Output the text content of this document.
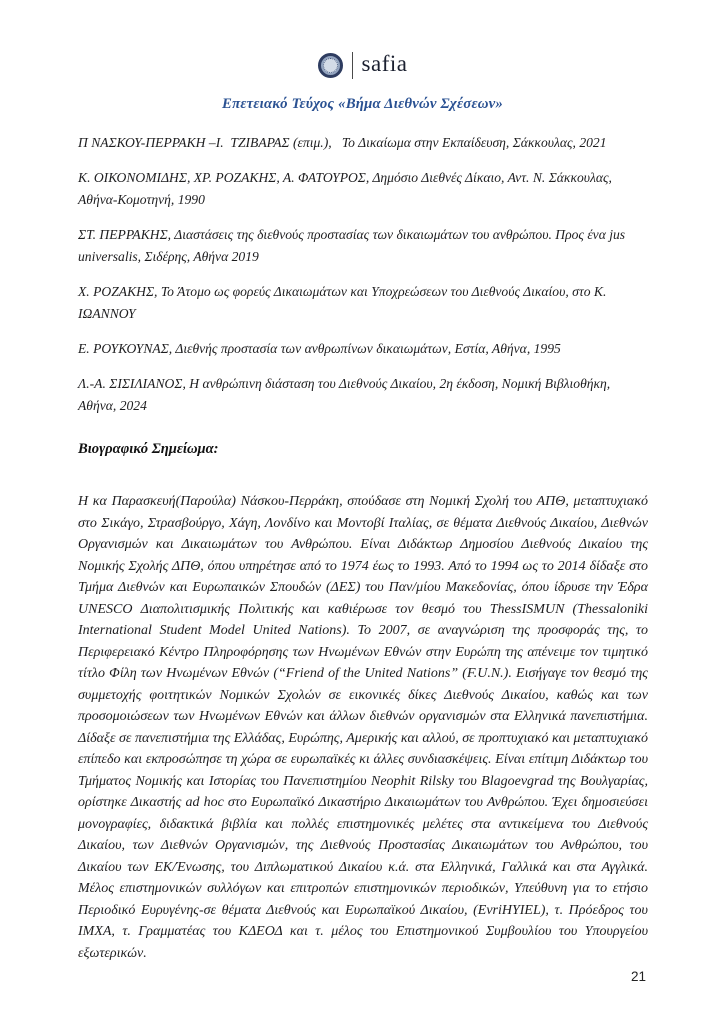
safia
Επετειακό Τεύχος «Βήμα Διεθνών Σχέσεων»

Π ΝΑΣΚΟΥ-ΠΕΡΡΑΚΗ –Ι.  ΤΖΙΒΑΡΑΣ (επιμ.),   Το Δικαίωμα στην Εκπαίδευση, Σάκκουλας, 2021

Κ. ΟΙΚΟΝΟΜΙΔΗΣ, ΧΡ. ΡΟΖΑΚΗΣ, Α. ΦΑΤΟΥΡΟΣ, Δημόσιο Διεθνές Δίκαιο, Αντ. Ν. Σάκκουλας, Αθήνα-Κομοτηνή, 1990

ΣΤ. ΠΕΡΡΑΚΗΣ, Διαστάσεις της διεθνούς προστασίας των δικαιωμάτων του ανθρώπου. Προς ένα jus universalis, Σιδέρης, Αθήνα 2019

Χ. ΡΟΖΑΚΗΣ, Το Άτομο ως φορεύς Δικαιωμάτων και Υποχρεώσεων του Διεθνούς Δικαίου, στο Κ. ΙΩΑΝΝΟΥ

Ε. ΡΟΥΚΟΥΝΑΣ, Διεθνής προστασία των ανθρωπίνων δικαιωμάτων, Εστία, Αθήνα, 1995

Λ.-Α. ΣΙΣΙΛΙΑΝΟΣ, Η ανθρώπινη διάσταση του Διεθνούς Δικαίου, 2η έκδοση, Νομική Βιβλιοθήκη, Αθήνα, 2024

Βιογραφικό Σημείωμα:

Η κα Παρασκευή(Παρούλα) Νάσκου-Περράκη, σπούδασε στη Νομική Σχολή του ΑΠΘ, μεταπτυχιακό στο Σικάγο, Στρασβούργο, Χάγη, Λονδίνο και Μοντοβί Ιταλίας, σε θέματα Διεθνούς Δικαίου, Διεθνών Οργανισμών και Δικαιωμάτων του Ανθρώπου. Είναι Διδάκτωρ Δημοσίου Διεθνούς Δικαίου της Νομικής Σχολής ΔΠΘ, όπου υπηρέτησε από το 1974 έως το 1993. Από το 1994 ως το 2014 δίδαξε στο Τμήμα Διεθνών και Ευρωπαικών Σπουδών (ΔΕΣ) του Παν/μίου Μακεδονίας, όπου ίδρυσε την Έδρα UNESCO Διαπολιτισμικής Πολιτικής και καθιέρωσε τον θεσμό του ThessISMUN (Thessaloniki International Student Model United Nations). Το 2007, σε αναγνώριση της προσφοράς της, το Περιφερειακό Κέντρο Πληροφόρησης των Ηνωμένων Εθνών στην Ευρώπη της απένειμε τον τιμητικό τίτλο Φίλη των Ηνωμένων Εθνών (“Friend of the United Nations” (F.U.N.). Εισήγαγε τον θεσμό της συμμετοχής φοιτητικών Νομικών Σχολών σε εικονικές δίκες Διεθνούς Δικαίου, καθώς και των προσομοιώσεων των Ηνωμένων Εθνών και άλλων διεθνών οργανισμών στα Ελληνικά πανεπιστήμια. Δίδαξε σε πανεπιστήμια της Ελλάδας, Ευρώπης, Αμερικής και αλλού, σε προπτυχιακό και μεταπτυχιακό επίπεδο και εκπροσώπησε τη χώρα σε ευρωπαϊκές κι άλλες συνδιασκέψεις. Είναι επίτιμη Διδάκτωρ του Τμήματος Νομικής και Ιστορίας του Πανεπιστημίου Neophit Rilsky του Blagoevgrad της Βουλγαρίας, ορίστηκε Δικαστής ad hoc στο Ευρωπαϊκό Δικαστήριο Δικαιωμάτων του Ανθρώπου. Έχει δημοσιεύσει μονογραφίες, διδακτικά βιβλία και πολλές επιστημονικές μελέτες στα αντικείμενα του Διεθνούς Δικαίου, των Διεθνών Οργανισμών, της Διεθνούς Προστασίας Δικαιωμάτων του Ανθρώπου, του Δικαίου των ΕΚ/Ένωσης, του Διπλωματικού Δικαίου κ.ά. στα Ελληνικά, Γαλλικά και στα Αγγλικά. Μέλος επιστημονικών συλλόγων και επιτροπών επιστημονικών περιοδικών, Υπεύθυνη για το ετήσιο Περιοδικό Ευρυγένης-σε θέματα Διεθνούς και Ευρωπαϊκού Δικαίου, (EvriHYIEL), τ. Πρόεδρος του ΙΜΧΑ, τ. Γραμματέας του ΚΔΕΟΔ και τ. μέλος του Επιστημονικού Συμβουλίου του Υπουργείου εξωτερικών.

21
